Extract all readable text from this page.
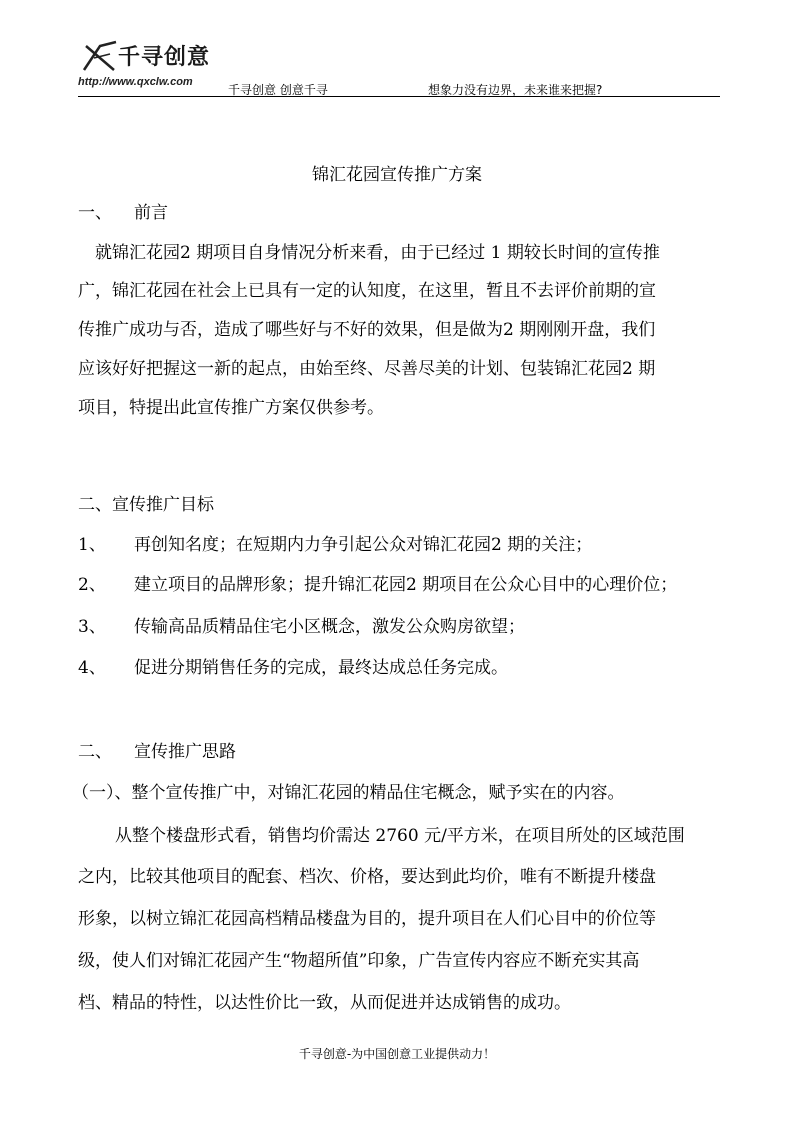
千寻创意
http://www.qxclw.com
千寻创意 创意千寻	想象力没有边界，未来谁来把握?
锦汇花园宣传推广方案
一、 前言
就锦汇花园2 期项目自身情况分析来看，由于已经过 1 期较长时间的宣传推
广，锦汇花园在社会上已具有一定的认知度，在这里，暂且不去评价前期的宣
传推广成功与否，造成了哪些好与不好的效果，但是做为2 期刚刚开盘，我们
应该好好把握这一新的起点，由始至终、尽善尽美的计划、包装锦汇花园2 期
项目，特提出此宣传推广方案仅供参考。
二、宣传推广目标
1、 再创知名度；在短期内力争引起公众对锦汇花园2 期的关注；
2、 建立项目的品牌形象；提升锦汇花园2 期项目在公众心目中的心理价位；
3、 传输高品质精品住宅小区概念，激发公众购房欲望；
4、 促进分期销售任务的完成，最终达成总任务完成。
二、 宣传推广思路
（一）、整个宣传推广中，对锦汇花园的精品住宅概念，赋予实在的内容。
从整个楼盘形式看，销售均价需达 2760 元/平方米，在项目所处的区域范围
之内，比较其他项目的配套、档次、价格，要达到此均价，唯有不断提升楼盘
形象，以树立锦汇花园高档精品楼盘为目的，提升项目在人们心目中的价位等
级，使人们对锦汇花园产生“物超所值”印象，广告宣传内容应不断充实其高
档、精品的特性，以达性价比一致，从而促进并达成销售的成功。
千寻创意-为中国创意工业提供动力！
